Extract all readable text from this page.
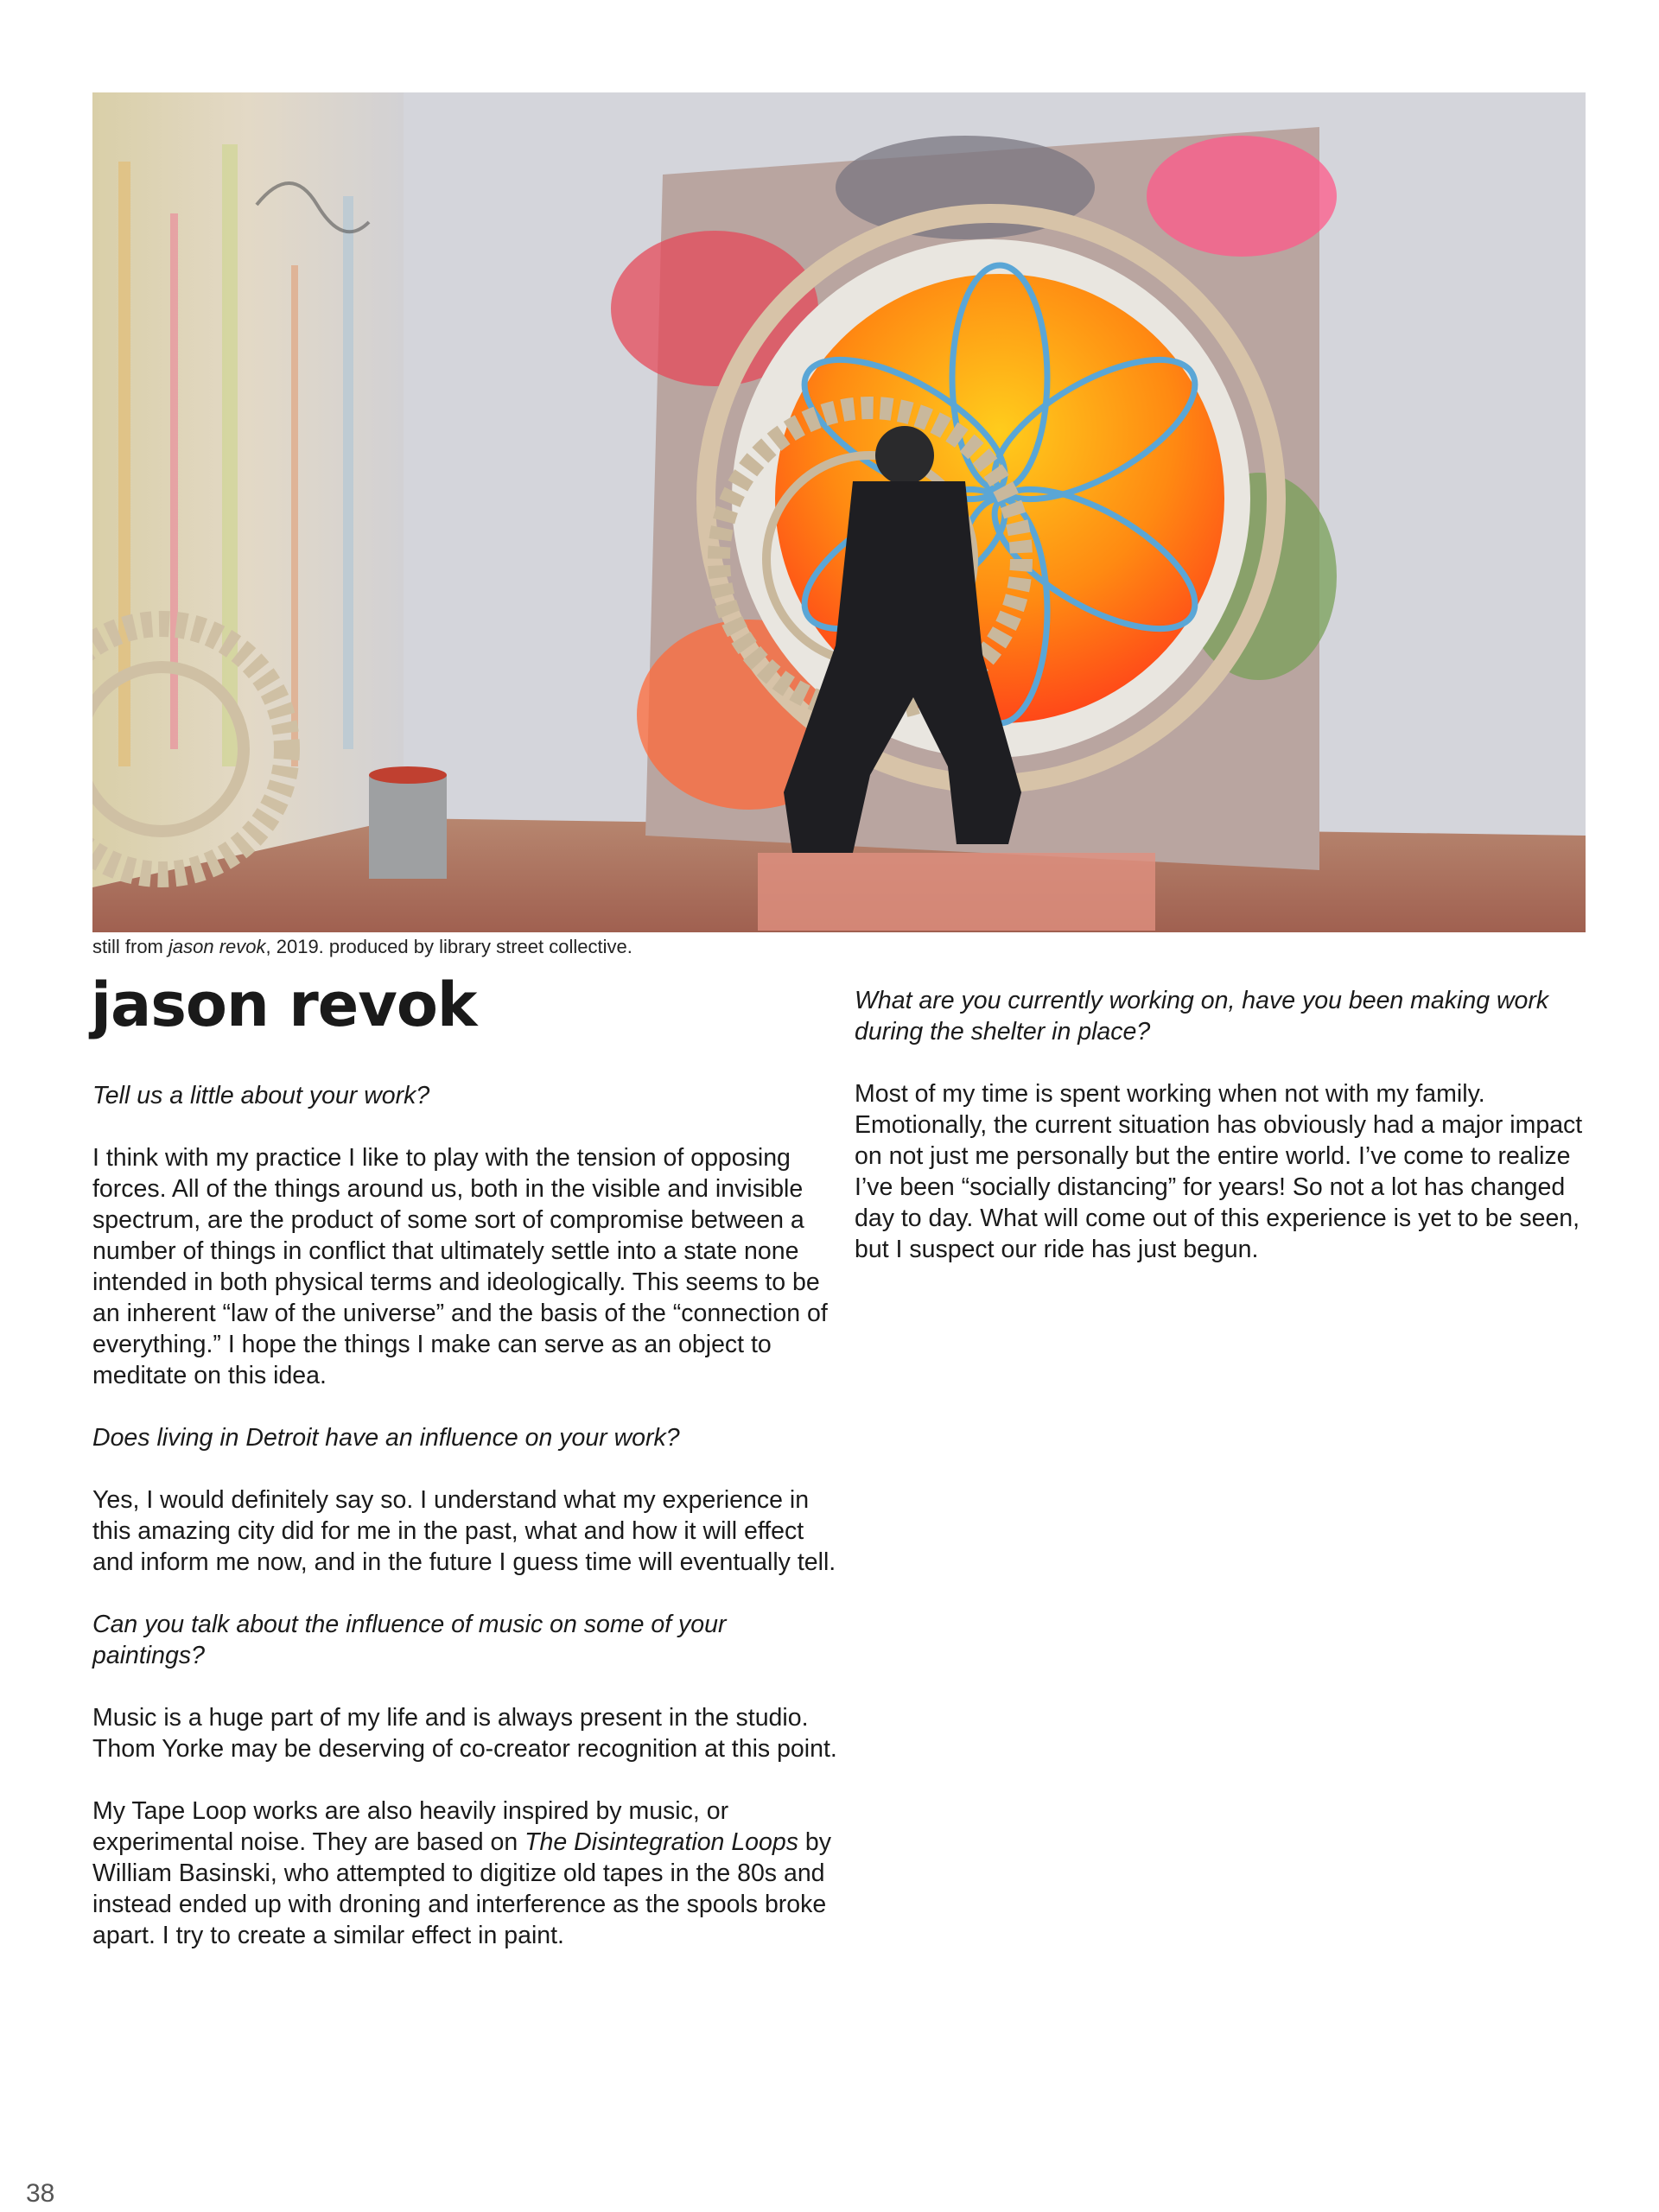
still from jason revok, 2019. produced by library street collective.
jason revok

Tell us a little about your work?

I think with my practice I like to play with the tension of opposing forces. All of the things around us, both in the visible and invisible spectrum, are the product of some sort of compromise between a number of things in conflict that ultimately settle into a state none intended in both physical terms and ideologically. This seems to be an inherent “law of the universe” and the basis of the “connection of everything.” I hope the things I make can serve as an object to meditate on this idea.

Does living in Detroit have an influence on your work?

Yes, I would definitely say so. I understand what my experience in this amazing city did for me in the past, what and how it will effect and inform me now, and in the future I guess time will eventually tell.

Can you talk about the influence of music on some of your paintings?

Music is a huge part of my life and is always present in the studio. Thom Yorke may be deserving of co-creator recognition at this point.

My Tape Loop works are also heavily inspired by music, or experimental noise. They are based on The Disintegration Loops by William Basinski, who attempted to digitize old tapes in the 80s and instead ended up with droning and interference as the spools broke apart. I try to create a similar effect in paint.

What are you currently working on, have you been making work during the shelter in place?

Most of my time is spent working when not with my family. Emotionally, the current situation has obviously had a major impact on not just me personally but the entire world. I’ve come to realize I’ve been “socially distancing” for years! So not a lot has changed day to day. What will come out of this experience is yet to be seen, but I suspect our ride has just begun.

38
